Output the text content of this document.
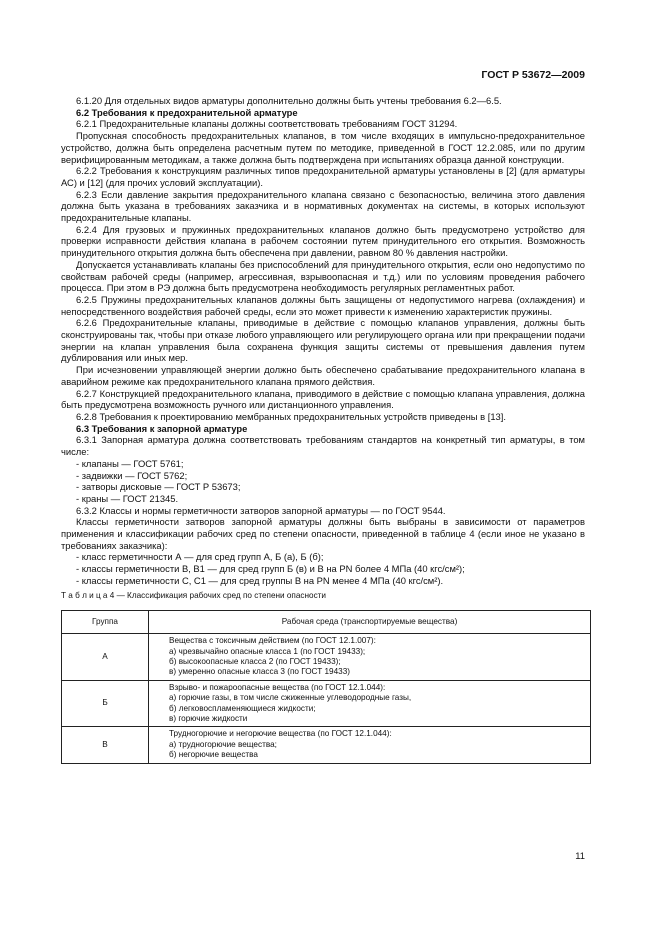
ГОСТ Р 53672—2009

6.1.20 Для отдельных видов арматуры дополнительно должны быть учтены требования 6.2—6.5.

6.2 Требования к предохранительной арматуре

6.2.1 Предохранительные клапаны должны соответствовать требованиям ГОСТ 31294.

Пропускная способность предохранительных клапанов, в том числе входящих в импульсно-предохранительное устройство, должна быть определена расчетным путем по методике, приведенной в ГОСТ 12.2.085, или по другим верифицированным методикам, а также должна быть подтверждена при испытаниях образца данной конструкции.

6.2.2 Требования к конструкциям различных типов предохранительной арматуры установлены в [2] (для арматуры АС) и [12] (для прочих условий эксплуатации).

6.2.3 Если давление закрытия предохранительного клапана связано с безопасностью, величина этого давления должна быть указана в требованиях заказчика и в нормативных документах на системы, в которых используют предохранительные клапаны.

6.2.4 Для грузовых и пружинных предохранительных клапанов должно быть предусмотрено устройство для проверки исправности действия клапана в рабочем состоянии путем принудительного его открытия. Возможность принудительного открытия должна быть обеспечена при давлении, равном 80 % давления настройки.

Допускается устанавливать клапаны без приспособлений для принудительного открытия, если оно недопустимо по свойствам рабочей среды (например, агрессивная, взрывоопасная и т.д.) или по условиям проведения рабочего процесса. При этом в РЭ должна быть предусмотрена необходимость регулярных регламентных работ.

6.2.5 Пружины предохранительных клапанов должны быть защищены от недопустимого нагрева (охлаждения) и непосредственного воздействия рабочей среды, если это может привести к изменению характеристик пружины.

6.2.6 Предохранительные клапаны, приводимые в действие с помощью клапанов управления, должны быть сконструированы так, чтобы при отказе любого управляющего или регулирующего органа или при прекращении подачи энергии на клапан управления была сохранена функция защиты системы от превышения давления путем дублирования или иных мер.

При исчезновении управляющей энергии должно быть обеспечено срабатывание предохранительного клапана в аварийном режиме как предохранительного клапана прямого действия.

6.2.7 Конструкцией предохранительного клапана, приводимого в действие с помощью клапана управления, должна быть предусмотрена возможность ручного или дистанционного управления.

6.2.8 Требования к проектированию мембранных предохранительных устройств приведены в [13].

6.3 Требования к запорной арматуре

6.3.1 Запорная арматура должна соответствовать требованиям стандартов на конкретный тип арматуры, в том числе:

- клапаны — ГОСТ 5761;

- задвижки — ГОСТ 5762;

- затворы дисковые — ГОСТ Р 53673;

- краны — ГОСТ 21345.

6.3.2 Классы и нормы герметичности затворов запорной арматуры — по ГОСТ 9544.

Классы герметичности затворов запорной арматуры должны быть выбраны в зависимости от параметров применения и классификации рабочих сред по степени опасности, приведенной в таблице 4 (если иное не указано в требованиях заказчика):

- класс герметичности А — для сред групп А, Б (а), Б (б);

- классы герметичности В, В1 — для сред групп Б (в) и В на PN более 4 МПа (40 кгс/см²);

- классы герметичности С, С1 — для сред группы В на PN менее 4 МПа (40 кгс/см²).

Т а б л и ц а 4 — Классификация рабочих сред по степени опасности

Группа	Рабочая среда (транспортируемые вещества)
А	Вещества с токсичным действием (по ГОСТ 12.1.007):
а) чрезвычайно опасные класса 1 (по ГОСТ 19433);
б) высокоопасные класса 2 (по ГОСТ 19433);
в) умеренно опасные класса 3 (по ГОСТ 19433)

Б	Взрыво- и пожароопасные вещества (по ГОСТ 12.1.044):
а) горючие газы, в том числе сжиженные углеводородные газы,
б) легковоспламеняющиеся жидкости;
в) горючие жидкости

В	Трудногорючие и негорючие вещества (по ГОСТ 12.1.044):
а) трудногорючие вещества;
б) негорючие вещества
11
